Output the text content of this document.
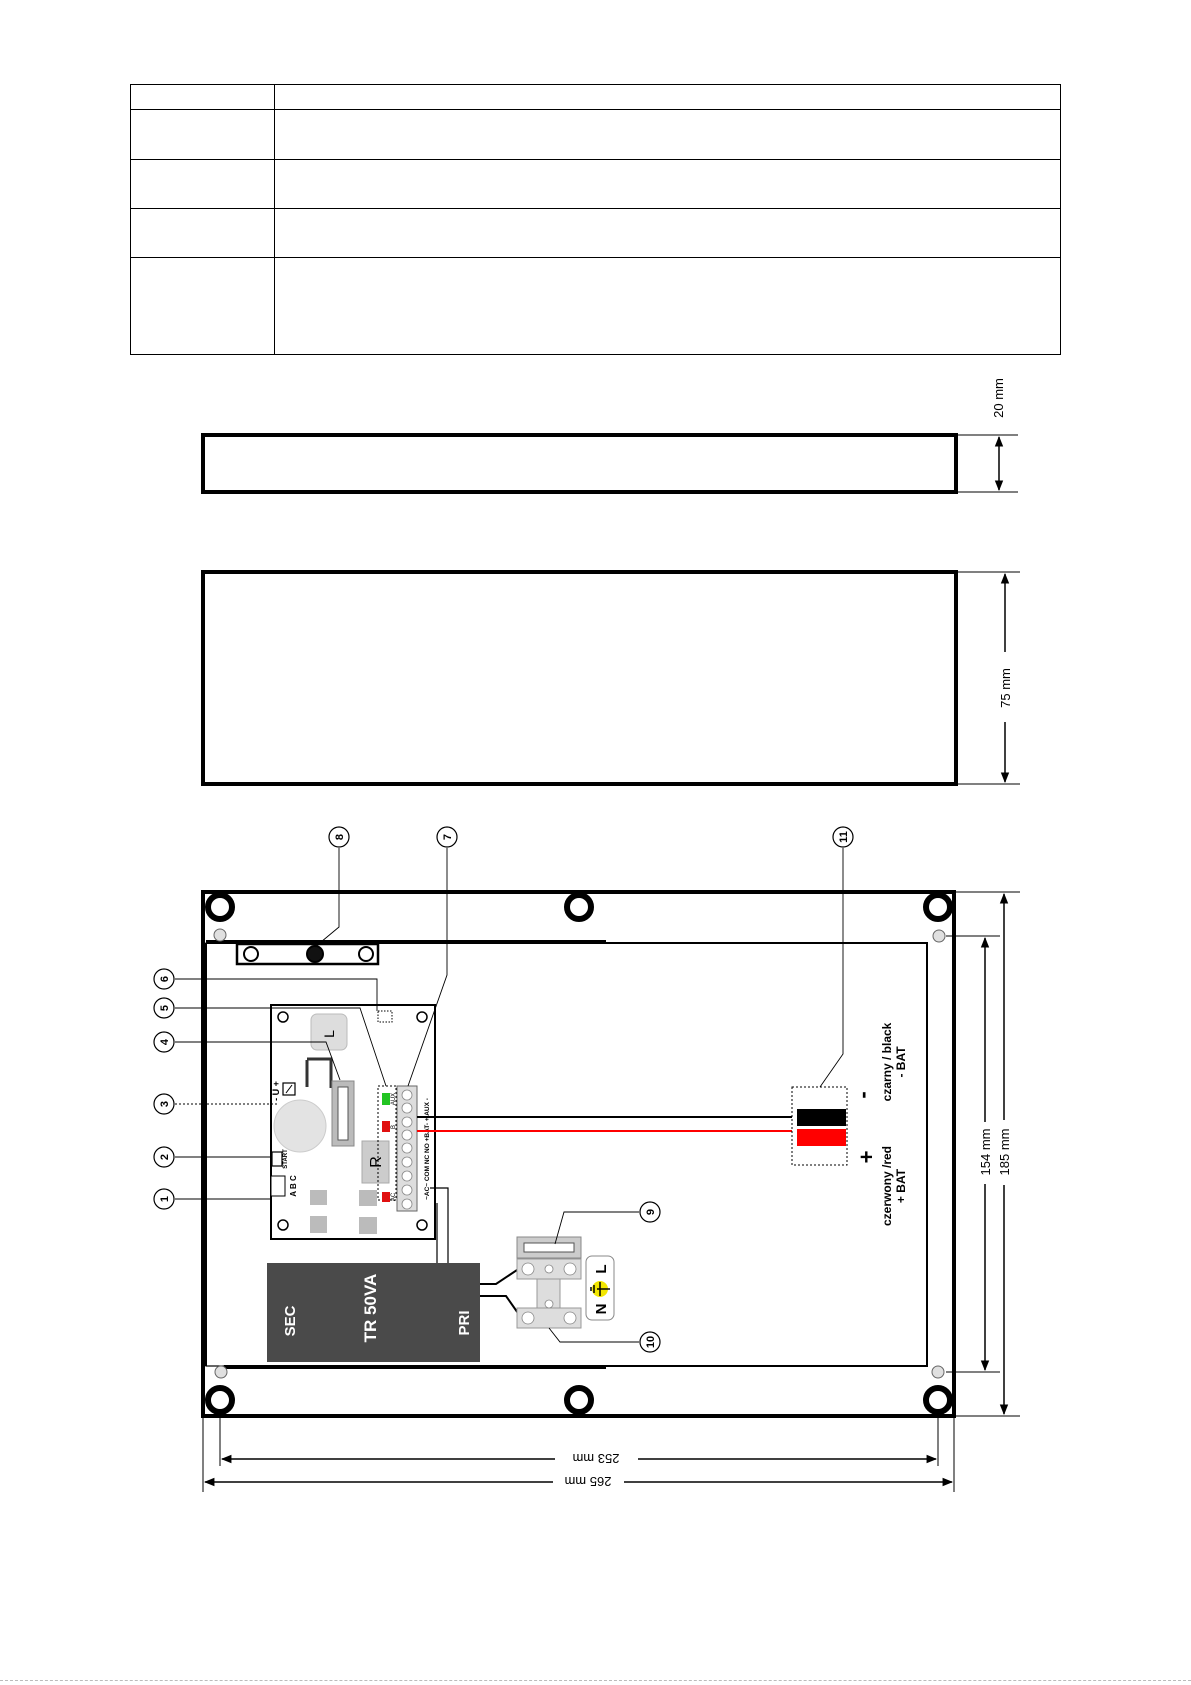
20 mm
75 mm
L
- U +
START
A B C
R
AUX
B
AC	~AC~ COM NC NO +BAT- + AUX -
SEC	TR 50VA	PRI
L
N
-
+
czarny / black - BAT
czerwony /red + BAT
1
2
3
4
5
6
7
8
9
10
11
185 mm
154 mm
253 mm
265 mm
